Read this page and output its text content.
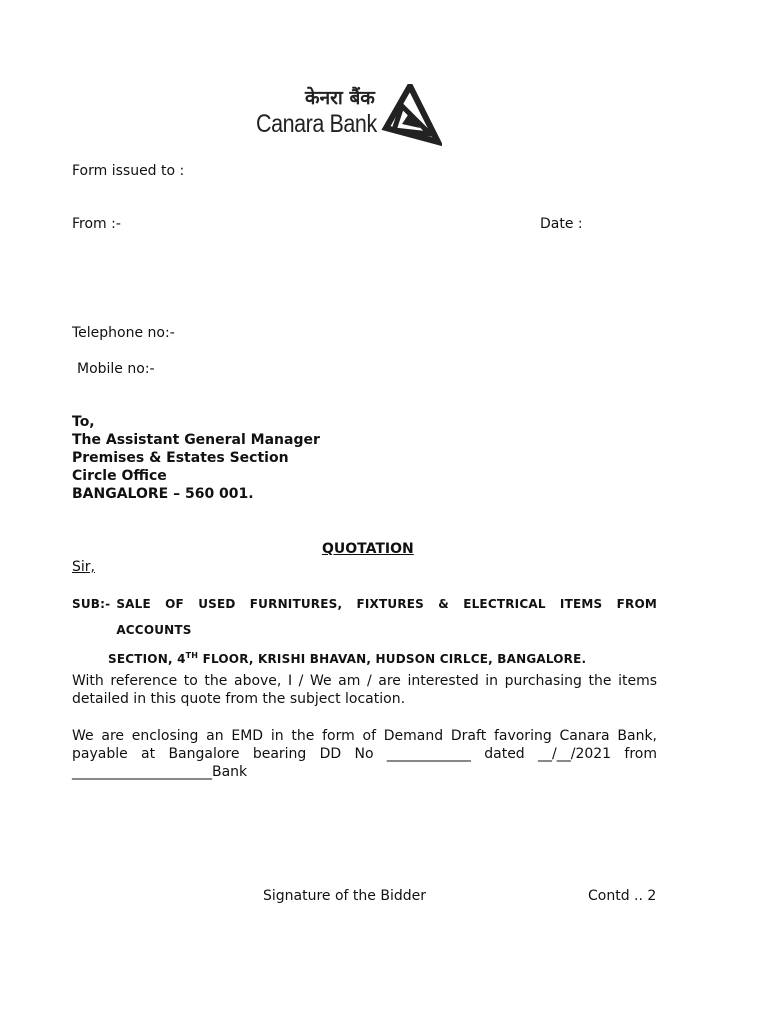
केनरा बैंक
Canara Bank
Form issued to :
From :-	Date :
Telephone no:-
Mobile no:-
To,
The Assistant General Manager
Premises & Estates Section
Circle Office
BANGALORE – 560 001.
QUOTATION
Sir,
SUB:- SALE OF USED FURNITURES, FIXTURES & ELECTRICAL ITEMS FROM ACCOUNTS
SECTION, 4TH FLOOR, KRISHI BHAVAN, HUDSON CIRLCE, BANGALORE.
With reference to the above, I / We am / are interested in purchasing the items detailed in this quote from the subject location.
We are enclosing an EMD in the form of Demand Draft favoring Canara Bank, payable at Bangalore bearing DD No ____________ dated __/__/2021 from ____________________Bank
Signature of the Bidder	Contd .. 2
